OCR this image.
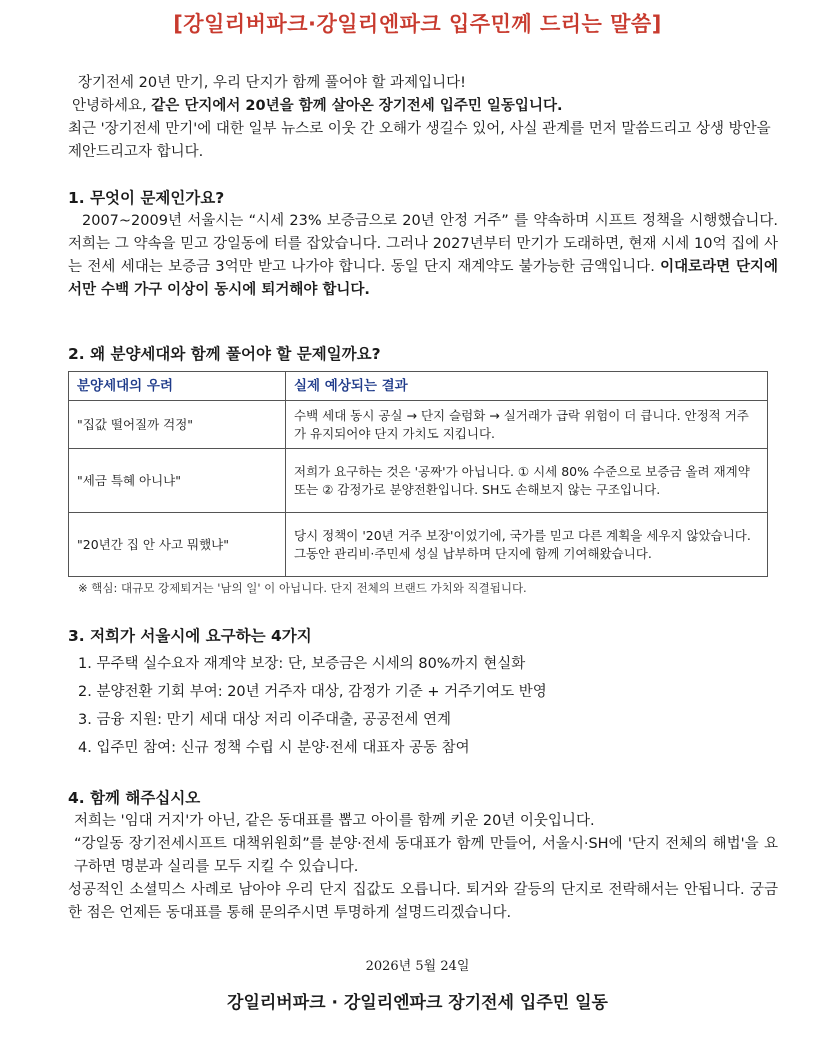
[강일리버파크·강일리엔파크 입주민께 드리는 말씀]
장기전세 20년 만기, 우리 단지가 함께 풀어야 할 과제입니다!
안녕하세요, 같은 단지에서 20년을 함께 살아온 장기전세 입주민 일동입니다.
최근 '장기전세 만기'에 대한 일부 뉴스로 이웃 간 오해가 생길수 있어, 사실 관계를 먼저 말씀드리고 상생 방안을 제안드리고자 합니다.
1. 무엇이 문제인가요?
2007~2009년 서울시는 “시세 23% 보증금으로 20년 안정 거주” 를 약속하며 시프트 정책을 시행했습니다. 저희는 그 약속을 믿고 강일동에 터를 잡았습니다. 그러나 2027년부터 만기가 도래하면, 현재 시세 10억 집에 사는 전세 세대는 보증금 3억만 받고 나가야 합니다. 동일 단지 재계약도 불가능한 금액입니다. 이대로라면 단지에서만 수백 가구 이상이 동시에 퇴거해야 합니다.
2. 왜 분양세대와 함께 풀어야 할 문제일까요?
분양세대의 우려	실제 예상되는 결과
"집값 떨어질까 걱정"	수백 세대 동시 공실 → 단지 슬럼화 → 실거래가 급락 위험이 더 큽니다. 안정적 거주가 유지되어야 단지 가치도 지킵니다.
"세금 특혜 아니냐"	저희가 요구하는 것은 '공짜'가 아닙니다. ① 시세 80% 수준으로 보증금 올려 재계약 또는 ② 감정가로 분양전환입니다. SH도 손해보지 않는 구조입니다.
"20년간 집 안 사고 뭐했냐"	당시 정책이 '20년 거주 보장'이었기에, 국가를 믿고 다른 계획을 세우지 않았습니다. 그동안 관리비·주민세 성실 납부하며 단지에 함께 기여해왔습니다.
※ 핵심: 대규모 강제퇴거는 '남의 일' 이 아닙니다. 단지 전체의 브랜드 가치와 직결됩니다.
3. 저희가 서울시에 요구하는 4가지
1. 무주택 실수요자 재계약 보장: 단, 보증금은 시세의 80%까지 현실화
2. 분양전환 기회 부여: 20년 거주자 대상, 감정가 기준 + 거주기여도 반영
3. 금융 지원: 만기 세대 대상 저리 이주대출, 공공전세 연계
4. 입주민 참여: 신규 정책 수립 시 분양·전세 대표자 공동 참여
4. 함께 해주십시오
저희는 '임대 거지'가 아닌, 같은 동대표를 뽑고 아이를 함께 키운 20년 이웃입니다.
“강일동 장기전세시프트 대책위원회”를 분양·전세 동대표가 함께 만들어, 서울시·SH에 '단지 전체의 해법'을 요구하면 명분과 실리를 모두 지킬 수 있습니다.
성공적인 소셜믹스 사례로 남아야 우리 단지 집값도 오릅니다. 퇴거와 갈등의 단지로 전락해서는 안됩니다. 궁금한 점은 언제든 동대표를 통해 문의주시면 투명하게 설명드리겠습니다.
2026년 5월 24일
강일리버파크 · 강일리엔파크 장기전세 입주민 일동
